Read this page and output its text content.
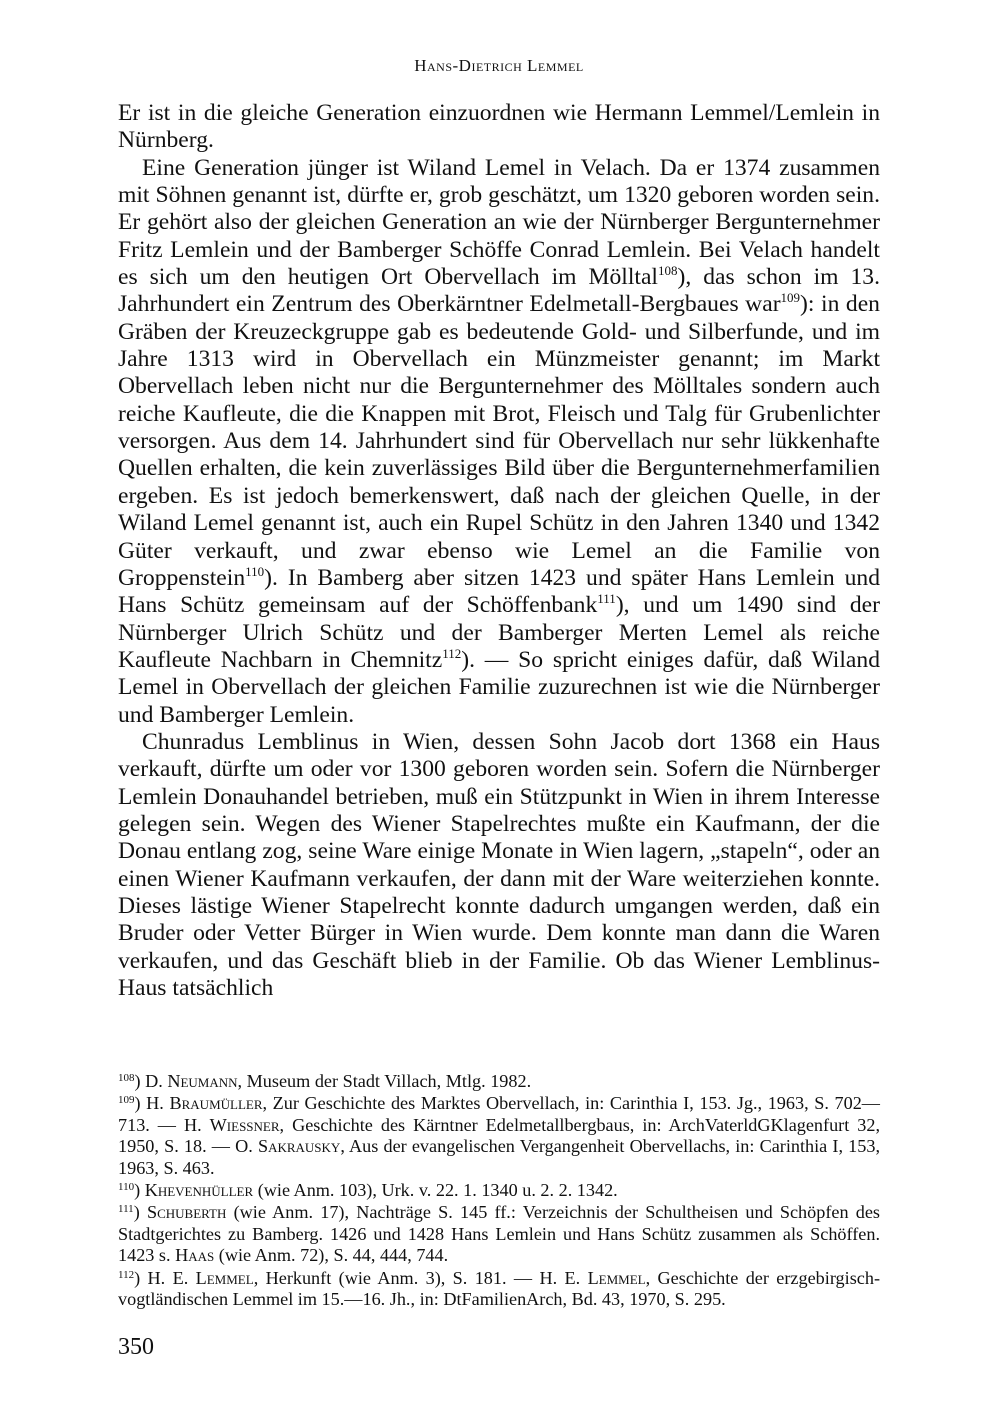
Hans-Dietrich Lemmel

Er ist in die gleiche Generation einzuordnen wie Hermann Lemmel/Lemlein in Nürnberg.

Eine Generation jünger ist Wiland Lemel in Velach. Da er 1374 zusammen mit Söhnen genannt ist, dürfte er, grob geschätzt, um 1320 geboren worden sein. Er gehört also der gleichen Generation an wie der Nürnberger Bergunternehmer Fritz Lemlein und der Bamberger Schöffe Conrad Lemlein. Bei Velach handelt es sich um den heutigen Ort Obervellach im Mölltal$^{108}$), das schon im 13. Jahrhundert ein Zentrum des Oberkärntner Edelmetall-Bergbaues war$^{109}$): in den Gräben der Kreuzeckgruppe gab es bedeutende Gold- und Silberfunde, und im Jahre 1313 wird in Obervellach ein Münzmeister genannt; im Markt Obervellach leben nicht nur die Bergunternehmer des Mölltales sondern auch reiche Kaufleute, die die Knappen mit Brot, Fleisch und Talg für Grubenlichter versorgen. Aus dem 14. Jahrhundert sind für Obervellach nur sehr lükkenhafte Quellen erhalten, die kein zuverlässiges Bild über die Bergunternehmerfamilien ergeben. Es ist jedoch bemerkenswert, daß nach der gleichen Quelle, in der Wiland Lemel genannt ist, auch ein Rupel Schütz in den Jahren 1340 und 1342 Güter verkauft, und zwar ebenso wie Lemel an die Familie von Groppenstein$^{110}$). In Bamberg aber sitzen 1423 und später Hans Lemlein und Hans Schütz gemeinsam auf der Schöffenbank$^{111}$), und um 1490 sind der Nürnberger Ulrich Schütz und der Bamberger Merten Lemel als reiche Kaufleute Nachbarn in Chemnitz$^{112}$). — So spricht einiges dafür, daß Wiland Lemel in Obervellach der gleichen Familie zuzurechnen ist wie die Nürnberger und Bamberger Lemlein.

Chunradus Lemblinus in Wien, dessen Sohn Jacob dort 1368 ein Haus verkauft, dürfte um oder vor 1300 geboren worden sein. Sofern die Nürnberger Lemlein Donauhandel betrieben, muß ein Stützpunkt in Wien in ihrem Interesse gelegen sein. Wegen des Wiener Stapelrechtes mußte ein Kaufmann, der die Donau entlang zog, seine Ware einige Monate in Wien lagern, „stapeln“, oder an einen Wiener Kaufmann verkaufen, der dann mit der Ware weiterziehen konnte. Dieses lästige Wiener Stapelrecht konnte dadurch umgangen werden, daß ein Bruder oder Vetter Bürger in Wien wurde. Dem konnte man dann die Waren verkaufen, und das Geschäft blieb in der Familie. Ob das Wiener Lemblinus-Haus tatsächlich

$^{108}$) D. Neumann, Museum der Stadt Villach, Mtlg. 1982.
$^{109}$) H. Braumüller, Zur Geschichte des Marktes Obervellach, in: Carinthia I, 153. Jg., 1963, S. 702—713. — H. Wiessner, Geschichte des Kärntner Edelmetallbergbaus, in: ArchVaterldGKlagenfurt 32, 1950, S. 18. — O. Sakrausky, Aus der evangelischen Vergangenheit Obervellachs, in: Carinthia I, 153, 1963, S. 463.
$^{110}$) Khevenhüller (wie Anm. 103), Urk. v. 22. 1. 1340 u. 2. 2. 1342.
$^{111}$) Schuberth (wie Anm. 17), Nachträge S. 145 ff.: Verzeichnis der Schultheisen und Schöpfen des Stadtgerichtes zu Bamberg. 1426 und 1428 Hans Lemlein und Hans Schütz zusammen als Schöffen. 1423 s. Haas (wie Anm. 72), S. 44, 444, 744.
$^{112}$) H. E. Lemmel, Herkunft (wie Anm. 3), S. 181. — H. E. Lemmel, Geschichte der erzgebirgisch-vogtländischen Lemmel im 15.—16. Jh., in: DtFamilienArch, Bd. 43, 1970, S. 295.
350
